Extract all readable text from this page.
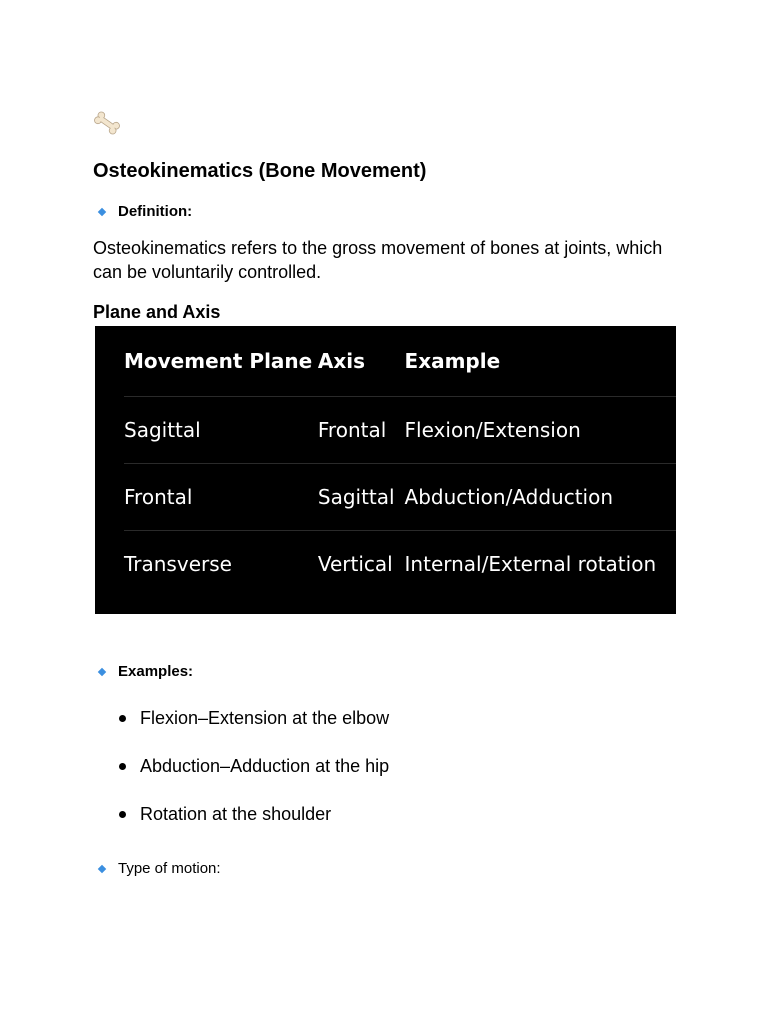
Osteokinematics (Bone Movement)
Definition:
Osteokinematics refers to the gross movement of bones at joints, which can be voluntarily controlled.
Plane and Axis
Movement Plane	Axis	Example
Sagittal	Frontal	Flexion/Extension
Frontal	Sagittal	Abduction/Adduction
Transverse	Vertical	Internal/External rotation
Examples:
Flexion–Extension at the elbow
Abduction–Adduction at the hip
Rotation at the shoulder
Type of motion:
